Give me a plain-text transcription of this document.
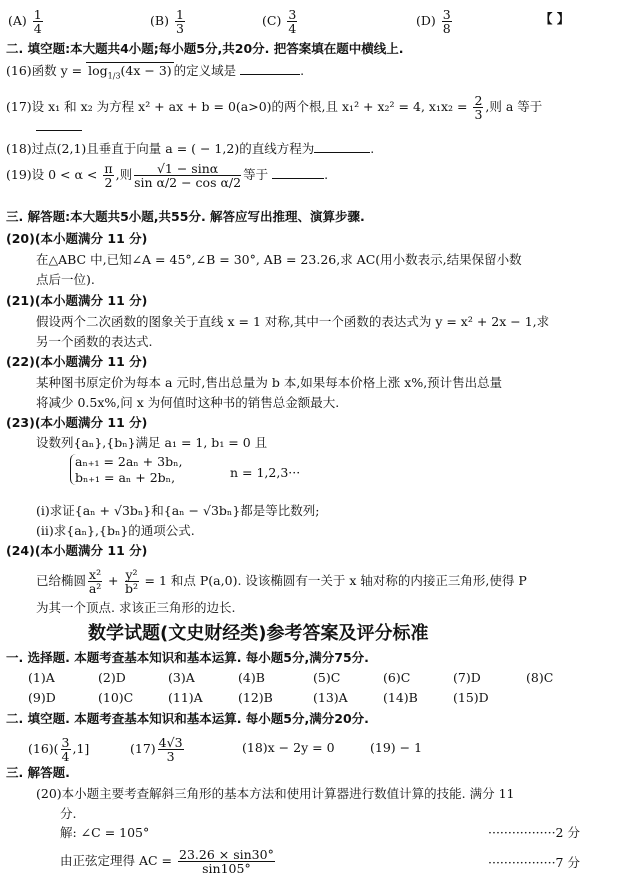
$(A) \frac{1}{4}$	$(B) \frac{1}{3}$	$(C) \frac{3}{4}$	$(D) \frac{3}{8}$	【 】
二. 填空题:本大题共4小题;每小题5分,共20分. 把答案填在题中横线上.
(16)函数 $y = \log_{1/3}(4x - 3)$ 的定义域是	.
(17)设 x₁ 和 x₂ 为方程 x² + ax + b = 0(a>0)的两个根,且 x₁² + x₂² = 4, $x_1x_2 = \frac{2}{3}$ ,则 a 等于
(18)过点(2,1)且垂直于向量 a = ( − 1,2)的直线方程为	.
(19)设 $0 < \alpha < \frac{\pi}{2}$ ,则 $\frac{√1 - \sin\alpha}{\text{sin α/2 − cos α/2}}$ 等于	.
三. 解答题:本大题共5小题,共55分. 解答应写出推理、演算步骤.
(20)(本小题满分 11 分)
在△ABC 中,已知∠A = 45°,∠B = 30°, AB = 23.26,求 AC(用小数表示,结果保留小数
点后一位).
(21)(本小题满分 11 分)
假设两个二次函数的图象关于直线 x = 1 对称,其中一个函数的表达式为 y = x² + 2x − 1,求
另一个函数的表达式.
(22)(本小题满分 11 分)
某种图书原定价为每本 a 元时,售出总量为 b 本,如果每本价格上涨 x%,预计售出总量
将减少 0.5x%,问 x 为何值时这种书的销售总金额最大.
(23)(本小题满分 11 分)
设数列{aₙ},{bₙ}满足 a₁ = 1, b₁ = 0 且
aₙ₊₁ = 2aₙ + 3bₙ,
bₙ₊₁ = aₙ + 2bₙ,	n = 1,2,3···
(i)求证{aₙ + √3bₙ}和{aₙ − √3bₙ}都是等比数列;
(ii)求{aₙ},{bₙ}的通项公式.
(24)(本小题满分 11 分)
已给椭圆 $\frac{\text{x²}}{\text{a²}} + \frac{\text{y²}}{\text{b²}} = 1$ 和点 P(a,0). 设该椭圆有一关于 x 轴对称的内接正三角形,使得 P
为其一个顶点. 求该正三角形的边长.
数学试题(文史财经类)参考答案及评分标准
一. 选择题. 本题考查基本知识和基本运算. 每小题5分,满分75分.
(1)A	(2)D	(3)A	(4)B	(5)C	(6)C	(7)D	(8)C
(9)D	(10)C	(11)A	(12)B	(13)A	(14)B	(15)D
二. 填空题. 本题考查基本知识和基本运算. 每小题5分,满分20分.
$(16)( \frac{3}{4} ,1]$	$(17) \frac{4√3}{3}$	(18)x − 2y = 0	(19) − 1
三. 解答题.
(20)本小题主要考查解斜三角形的基本方法和使用计算器进行数值计算的技能. 满分 11
分.
解: ∠C = 105°	·················2 分
由正弦定理得 AC = $\frac{23.26 \times \sin 30^\circ}{\sin 105^\circ}$	·················7 分
